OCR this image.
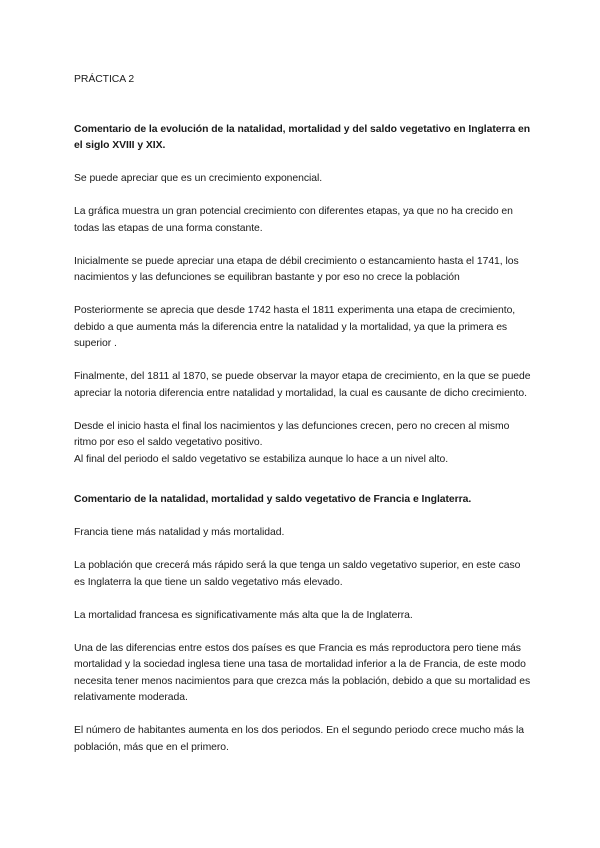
PRÁCTICA 2

Comentario de la evolución de la natalidad, mortalidad y del saldo vegetativo en Inglaterra en el siglo XVIII y XIX.

Se puede apreciar que es un crecimiento exponencial.

La gráfica muestra un gran potencial crecimiento con diferentes etapas, ya que no ha crecido en todas las etapas de una forma constante.

Inicialmente se puede apreciar una etapa de débil crecimiento o estancamiento hasta el 1741, los nacimientos y las defunciones se equilibran bastante y por eso no crece la población

Posteriormente se aprecia que desde 1742 hasta el 1811 experimenta una etapa de crecimiento, debido a que aumenta más la diferencia entre la natalidad y la mortalidad, ya que la primera es superior .

Finalmente, del 1811 al 1870, se puede observar la mayor etapa de crecimiento, en la que se puede apreciar la notoria diferencia entre natalidad y mortalidad, la cual es causante de dicho crecimiento.

Desde el inicio hasta el final los nacimientos y las defunciones crecen, pero no crecen al mismo ritmo por eso el saldo vegetativo positivo.
Al final del periodo el saldo vegetativo se estabiliza aunque lo hace a un nivel alto.

Comentario de la natalidad, mortalidad y saldo vegetativo de Francia e Inglaterra.

Francia tiene más natalidad y más mortalidad.

La población que crecerá más rápido será la que tenga un saldo vegetativo superior, en este caso es Inglaterra la que tiene un saldo vegetativo más elevado.

La mortalidad francesa es significativamente más alta que la de Inglaterra.

Una de las diferencias entre estos dos países es que Francia es más reproductora pero tiene más mortalidad y la sociedad inglesa tiene una tasa de mortalidad inferior a la de Francia, de este modo necesita tener menos nacimientos para que crezca más la población, debido a que su mortalidad es relativamente moderada.

El número de habitantes aumenta en los dos periodos. En el segundo periodo crece mucho más la población, más que en el primero.
